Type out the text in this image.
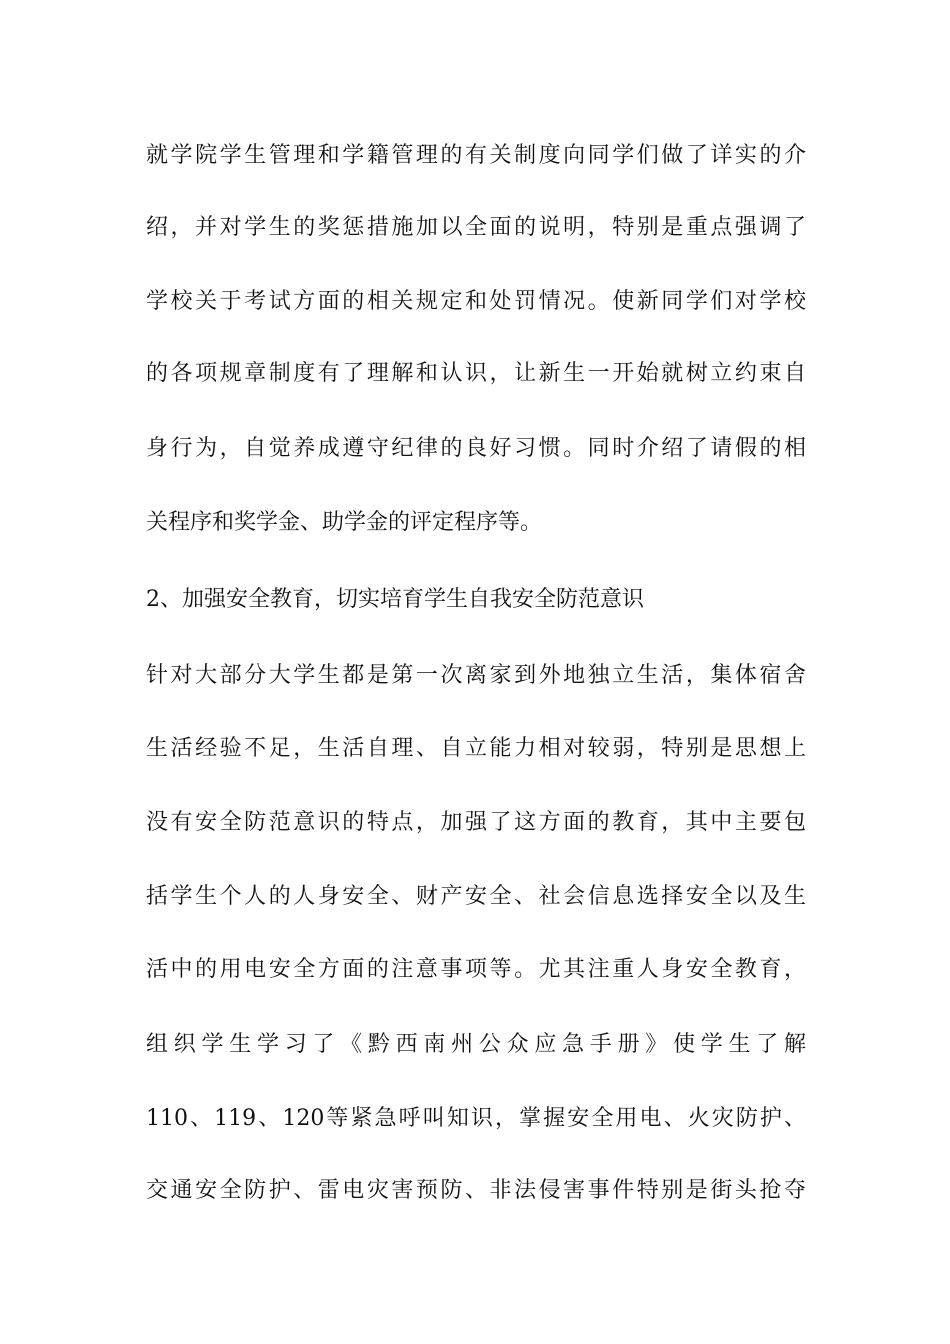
就学院学生管理和学籍管理的有关制度向同学们做了详实的介
绍，并对学生的奖惩措施加以全面的说明，特别是重点强调了
学校关于考试方面的相关规定和处罚情况。使新同学们对学校
的各项规章制度有了理解和认识，让新生一开始就树立约束自
身行为，自觉养成遵守纪律的良好习惯。同时介绍了请假的相
关程序和奖学金、助学金的评定程序等。
2、加强安全教育，切实培育学生自我安全防范意识
针对大部分大学生都是第一次离家到外地独立生活，集体宿舍
生活经验不足，生活自理、自立能力相对较弱，特别是思想上
没有安全防范意识的特点，加强了这方面的教育，其中主要包
括学生个人的人身安全、财产安全、社会信息选择安全以及生
活中的用电安全方面的注意事项等。尤其注重人身安全教育，
组织学生学习了《黔西南州公众应急手册》使学生了解
110、119、120等紧急呼叫知识，掌握安全用电、火灾防护、
交通安全防护、雷电灾害预防、非法侵害事件特别是街头抢夺
